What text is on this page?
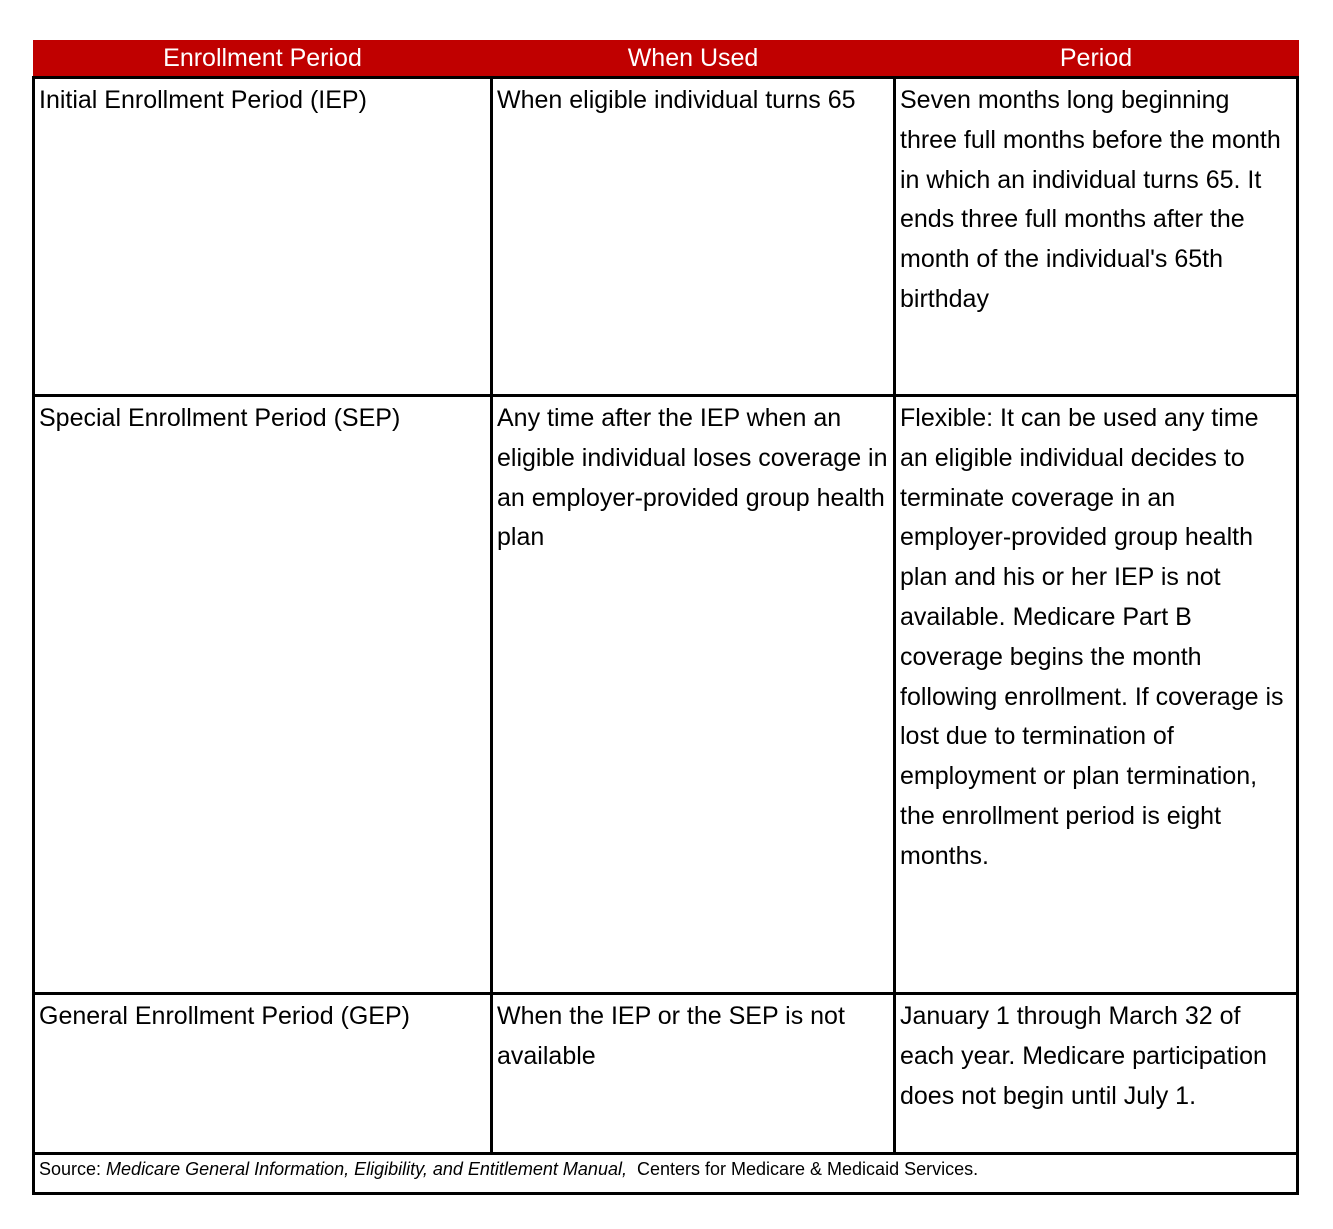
Enrollment Period	When Used	Period
Initial Enrollment Period (IEP)	When eligible individual turns 65	Seven months long beginning three full months before the month in which an individual turns 65. It ends three full months after the month of the individual's 65th birthday
Special Enrollment Period (SEP)	Any time after the IEP when an eligible individual loses coverage in an employer-provided group health plan	Flexible: It can be used any time an eligible individual decides to terminate coverage in an employer-provided group health plan and his or her IEP is not available. Medicare Part B coverage begins the month following enrollment. If coverage is lost due to termination of employment or plan termination, the enrollment period is eight months.
General Enrollment Period (GEP)	When the IEP or the SEP is not available	January 1 through March 32 of each year. Medicare participation does not begin until July 1.
Source: Medicare General Information, Eligibility, and Entitlement Manual,  Centers for Medicare & Medicaid Services.		
